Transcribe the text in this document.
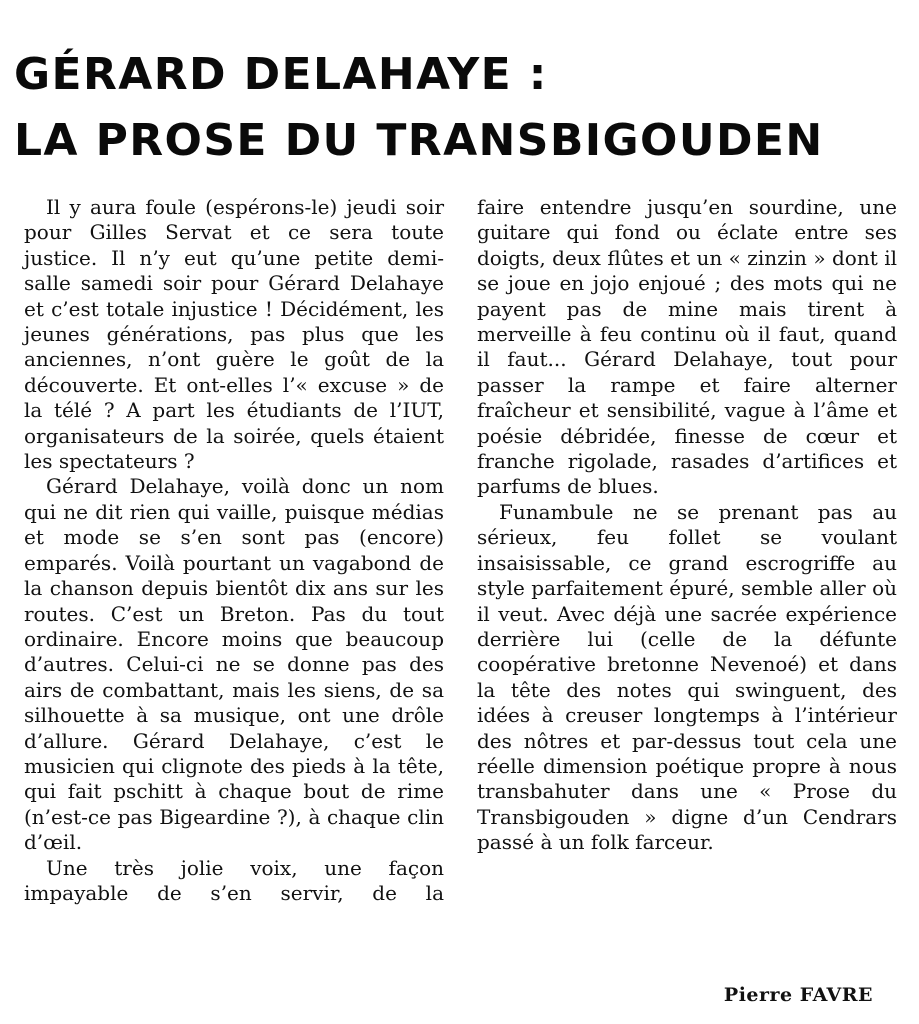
GÉRARD DELAHAYE :
LA PROSE DU TRANSBIGOUDEN

Il y aura foule (espérons-le) jeudi soir pour Gilles Servat et ce sera toute justice. Il n’y eut qu’une petite demi-salle samedi soir pour Gérard Delahaye et c’est totale injustice ! Décidément, les jeunes générations, pas plus que les anciennes, n’ont guère le goût de la découverte. Et ont-elles l’« excuse » de la télé ? A part les étudiants de l’IUT, organisateurs de la soirée, quels étaient les spectateurs ?

Gérard Delahaye, voilà donc un nom qui ne dit rien qui vaille, puisque médias et mode se s’en sont pas (encore) emparés. Voilà pourtant un vagabond de la chanson depuis bientôt dix ans sur les routes. C’est un Breton. Pas du tout ordinaire. Encore moins que beaucoup d’autres. Celui-ci ne se donne pas des airs de combattant, mais les siens, de sa silhouette à sa musique, ont une drôle d’allure. Gérard Delahaye, c’est le musicien qui clignote des pieds à la tête, qui fait pschitt à chaque bout de rime (n’est-ce pas Bigeardine ?), à chaque clin d’œil.

Une très jolie voix, une façon impayable de s’en servir, de la

faire entendre jusqu’en sourdine, une guitare qui fond ou éclate entre ses doigts, deux flûtes et un « zinzin » dont il se joue en jojo enjoué ; des mots qui ne payent pas de mine mais tirent à merveille à feu continu où il faut, quand il faut... Gérard Delahaye, tout pour passer la rampe et faire alterner fraîcheur et sensibilité, vague à l’âme et poésie débridée, finesse de cœur et franche rigolade, rasades d’artifices et parfums de blues.

Funambule ne se prenant pas au sérieux, feu follet se voulant insaisissable, ce grand escrogriffe au style parfaitement épuré, semble aller où il veut. Avec déjà une sacrée expérience derrière lui (celle de la défunte coopérative bretonne Nevenoé) et dans la tête des notes qui swinguent, des idées à creuser longtemps à l’intérieur des nôtres et par-dessus tout cela une réelle dimension poétique propre à nous transbahuter dans une « Prose du Transbigouden » digne d’un Cendrars passé à un folk farceur.

Pierre FAVRE
